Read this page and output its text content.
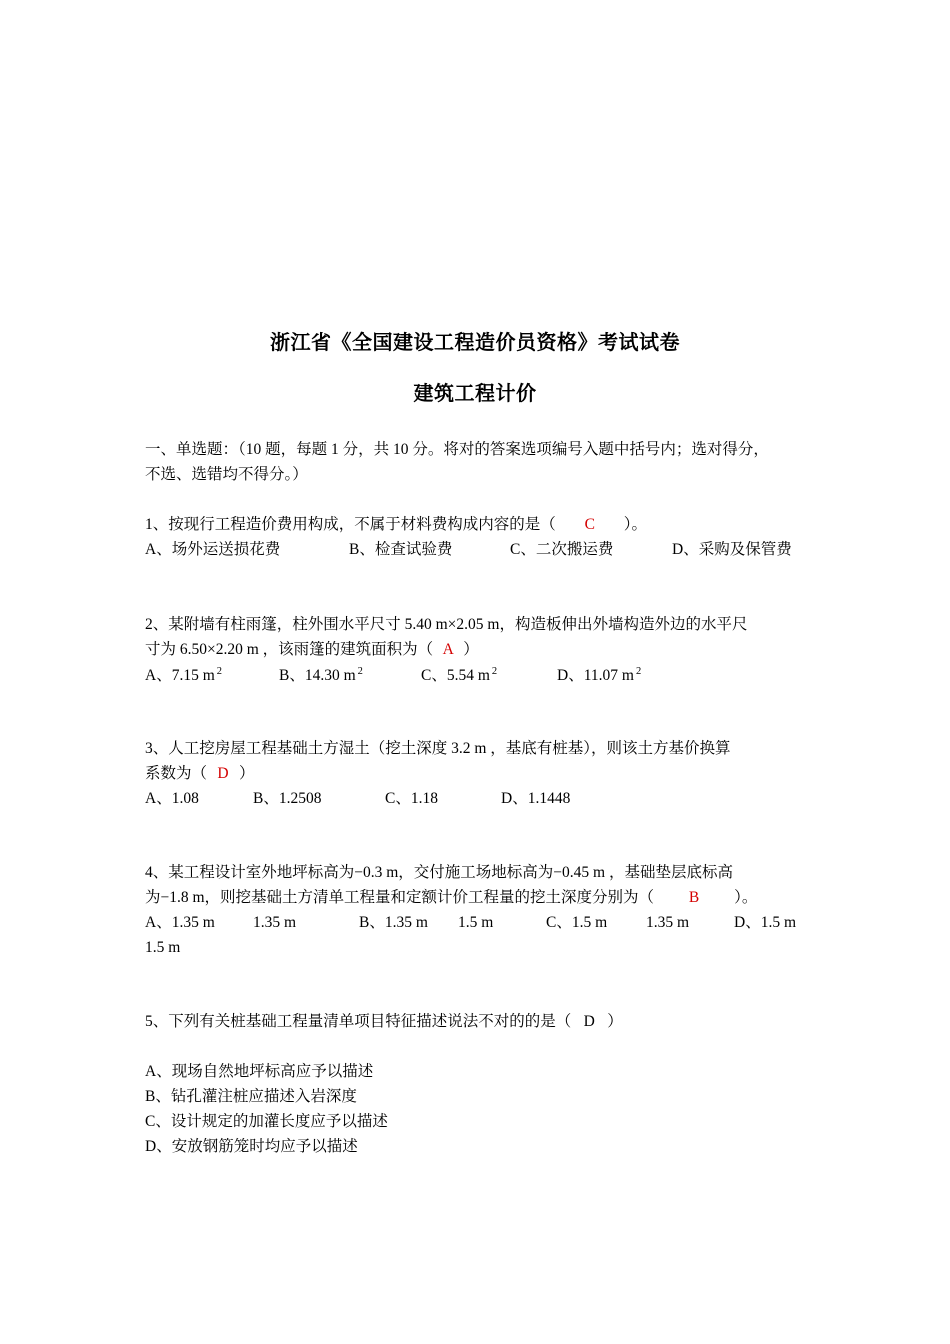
浙江省《全国建设工程造价员资格》考试试卷
建筑工程计价
一、单选题：（10 题，每题 1 分，共 10 分。将对的答案选项编号入题中括号内；选对得分，
不选、选错均不得分。）
1、按现行工程造价费用构成，不属于材料费构成内容的是（ C ）。
A、场外运送损花费	B、检查试验费	C、二次搬运费	D、采购及保管费
2、某附墙有柱雨篷，柱外围水平尺寸 5.40 m×2.05 m，构造板伸出外墙构造外边的水平尺
寸为 6.50×2.20 m ，该雨篷的建筑面积为（ A ）
A、7.15 m $^2$	B、14.30 m $^2$	C、5.54 m $^2$	D、11.07 m $^2$
3、人工挖房屋工程基础土方湿土（挖土深度 3.2 m ，基底有桩基），则该土方基价换算
系数为（ D ）
A、1.08	B、1.2508	C、1.18	D、1.1448
4、某工程设计室外地坪标高为−0.3 m，交付施工场地标高为−0.45 m ，基础垫层底标高
为−1.8 m，则挖基础土方清单工程量和定额计价工程量的挖土深度分别为（ B ）。
A、1.35 m 1.35 m	B、1.35 m 1.5 m	C、1.5 m	1.35 m	D、1.5 m
1.5 m
5、下列有关桩基础工程量清单项目特征描述说法不对的的是（ D ）
A、现场自然地坪标高应予以描述
B、钻孔灌注桩应描述入岩深度
C、设计规定的加灌长度应予以描述
D、安放钢筋笼时均应予以描述
